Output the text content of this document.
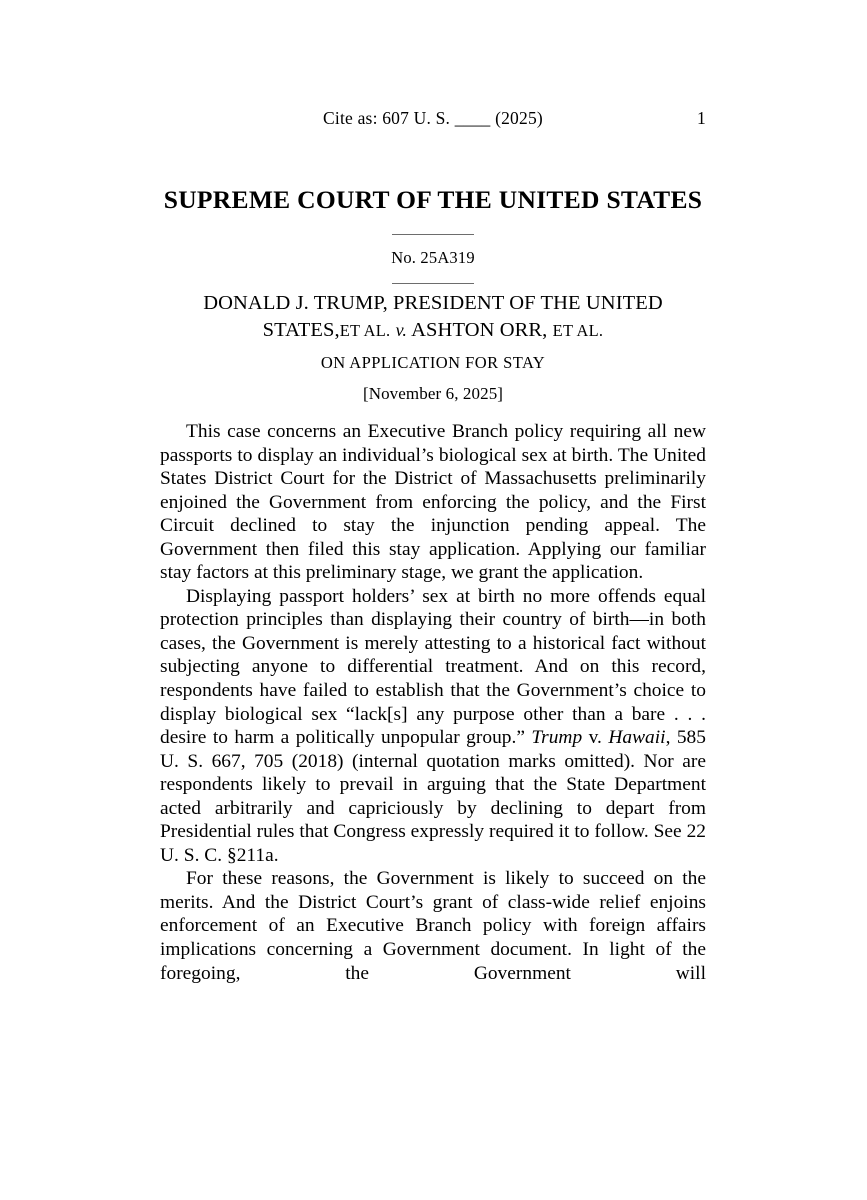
Cite as: 607 U. S. ____ (2025)	1
SUPREME COURT OF THE UNITED STATES
No. 25A319
DONALD J. TRUMP, PRESIDENT OF THE UNITED
STATES,ET AL. v. ASHTON ORR, ET AL.
ON APPLICATION FOR STAY
[November 6, 2025]

This case concerns an Executive Branch policy requiring all new passports to display an individual’s biological sex at birth. The United States District Court for the District of Massachusetts preliminarily enjoined the Government from enforcing the policy, and the First Circuit declined to stay the injunction pending appeal. The Government then filed this stay application. Applying our familiar stay factors at this preliminary stage, we grant the application.

Displaying passport holders’ sex at birth no more offends equal protection principles than displaying their country of birth—in both cases, the Government is merely attesting to a historical fact without subjecting anyone to differential treatment. And on this record, respondents have failed to establish that the Government’s choice to display biological sex “lack[s] any purpose other than a bare . . . desire to harm a politically unpopular group.” Trump v. Hawaii, 585 U. S. 667, 705 (2018) (internal quotation marks omitted). Nor are respondents likely to prevail in arguing that the State Department acted arbitrarily and capriciously by declining to depart from Presidential rules that Congress expressly required it to follow. See 22 U. S. C. §211a.

For these reasons, the Government is likely to succeed on the merits. And the District Court’s grant of class-wide relief enjoins enforcement of an Executive Branch policy with foreign affairs implications concerning a Government document. In light of the foregoing, the Government will
